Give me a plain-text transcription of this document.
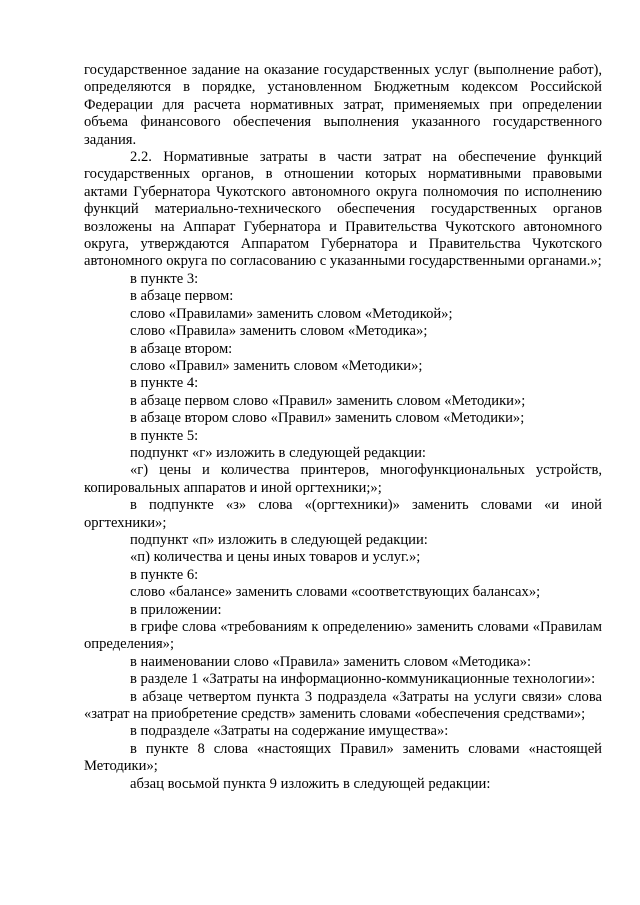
государственное задание на оказание государственных услуг (выполнение работ), определяются в порядке, установленном Бюджетным кодексом Российской Федерации для расчета нормативных затрат, применяемых при определении объема финансового обеспечения выполнения указанного государственного задания.

2.2. Нормативные затраты в части затрат на обеспечение функций государственных органов, в отношении которых нормативными правовыми актами Губернатора Чукотского автономного округа полномочия по исполнению функций материально-технического обеспечения государственных органов возложены на Аппарат Губернатора и Правительства Чукотского автономного округа, утверждаются Аппаратом Губернатора и Правительства Чукотского автономного округа по согласованию с указанными государственными органами.»;

в пункте 3:

в абзаце первом:

слово «Правилами» заменить словом «Методикой»;

слово «Правила» заменить словом «Методика»;

в абзаце втором:

слово «Правил» заменить словом «Методики»;

в пункте 4:

в абзаце первом слово «Правил» заменить словом «Методики»;

в абзаце втором слово «Правил» заменить словом «Методики»;

в пункте 5:

подпункт «г» изложить в следующей редакции:

«г) цены и количества принтеров, многофункциональных устройств, копировальных аппаратов и иной оргтехники;»;

в подпункте «з» слова «(оргтехники)» заменить словами «и иной оргтехники»;

подпункт «п» изложить в следующей редакции:

«п) количества и цены иных товаров и услуг.»;

в пункте 6:

слово «балансе» заменить словами «соответствующих балансах»;

в приложении:

в грифе слова «требованиям к определению» заменить словами «Правилам определения»;

в наименовании слово «Правила» заменить словом «Методика»:

в разделе 1 «Затраты на информационно-коммуникационные технологии»:

в абзаце четвертом пункта 3 подраздела «Затраты на услуги связи» слова «затрат на приобретение средств» заменить словами «обеспечения средствами»;

в подразделе «Затраты на содержание имущества»:

в пункте 8 слова «настоящих Правил» заменить словами «настоящей Методики»;

абзац восьмой пункта 9 изложить в следующей редакции:
